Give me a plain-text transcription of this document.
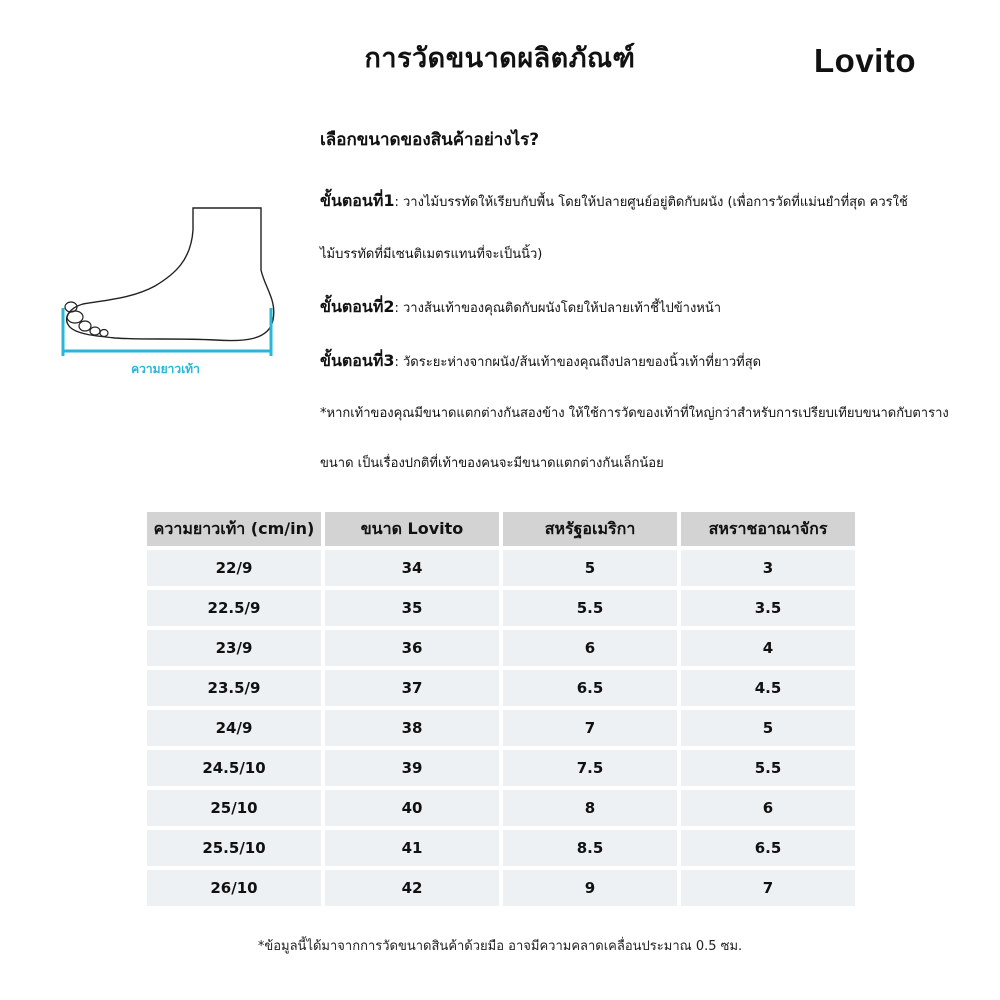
การวัดขนาดผลิตภัณฑ์	Lovito
ความยาวเท้า
เลือกขนาดของสินค้าอย่างไร?
ขั้นตอนที่1: วางไม้บรรทัดให้เรียบกับพื้น โดยให้ปลายศูนย์อยู่ติดกับผนัง (เพื่อการวัดที่แม่นยำที่สุด ควรใช้ไม้บรรทัดที่มีเซนติเมตรแทนที่จะเป็นนิ้ว)
ขั้นตอนที่2: วางส้นเท้าของคุณติดกับผนังโดยให้ปลายเท้าชี้ไปข้างหน้า
ขั้นตอนที่3: วัดระยะห่างจากผนัง/ส้นเท้าของคุณถึงปลายของนิ้วเท้าที่ยาวที่สุด
*หากเท้าของคุณมีขนาดแตกต่างกันสองข้าง ให้ใช้การวัดของเท้าที่ใหญ่กว่าสำหรับการเปรียบเทียบขนาดกับตารางขนาด เป็นเรื่องปกติที่เท้าของคนจะมีขนาดแตกต่างกันเล็กน้อย
ความยาวเท้า (cm/in)	ขนาด Lovito	สหรัฐอเมริกา	สหราชอาณาจักร
22/9	34	5	3
22.5/9	35	5.5	3.5
23/9	36	6	4
23.5/9	37	6.5	4.5
24/9	38	7	5
24.5/10	39	7.5	5.5
25/10	40	8	6
25.5/10	41	8.5	6.5
26/10	42	9	7
*ข้อมูลนี้ได้มาจากการวัดขนาดสินค้าด้วยมือ อาจมีความคลาดเคลื่อนประมาณ 0.5 ซม.
